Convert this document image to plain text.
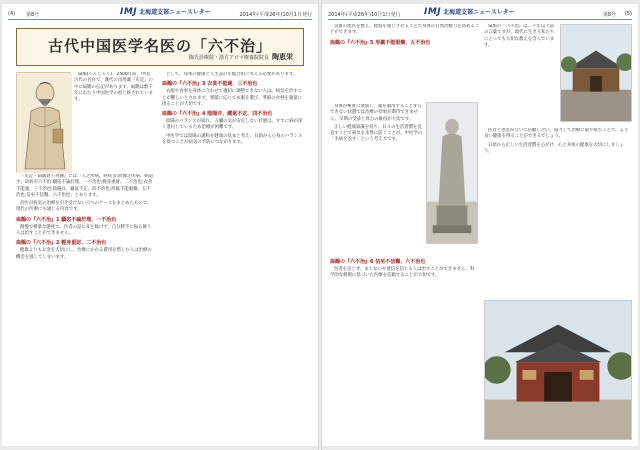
(4) 第8号	IMJ 北海道支部ニュースレター	2014年(平成26年)10月1日発行
古代中国医学名医の「六不治」
陶氏診療院・漢方アロマ療養院院長 陶恵栄

扁鵲(へんじゃく)、2500年前、中国古代の名医で、漢代の司馬遷『史記』の中に扁鵲の伝記があります。扁鵲は数千年にわたり中国医学の祖と称されています。

『史記・扁鵲倉公列傳』には「人之所病、病疾多;而醫之所病、病道少。故病有六不治:驕恣不論於理、一不治也;輕身重財、二不治也;衣食不能適、三不治也;陰陽并、藏氣不定、四不治也;形羸不能服藥、五不治也;信巫不信醫、六不治也」とあります。

名医が病気の治療を引き受けない六つのケースをまとめたもので、現代の医療にも通じる内容です。

扁鵲の『六不治』1 驕恣不論於理、一不治也

傲慢で横暴な態度で、医者の話に耳を傾けず、自分勝手に振る舞う人は治すことができません。

扁鵲の『六不治』2 輕身重財、二不治也

健康よりもお金を大切にし、治療にかかる費用を惜しむ人は治療の機会を逃してしまいます。

として、身体の健康と人生設計を総合的に考える必要があります。

扁鵲の『六不治』3 衣食不能適、三不治也

衣服や食事を身体に合わせて適切に調整できない人は、病気を治すことが難しいとされます。寒暖に応じて衣服を選び、季節の食材を適量に摂ることが大切です。

扁鵲の『六不治』4 陰陽并、藏氣不定、四不治也

陰陽のバランスが崩れ、五臓の気が安定しない状態は、すでに病が深く進行しているため治療が困難です。

中医学では陰陽の調和を健康の基本と考え、日頃から心身のバランスを保つことが病気の予防につながります。

2014年(平成26年)10月1日発行	IMJ 北海道支部ニュースレター	第8号 (5)

気血の流れを整え、経絡を通じさせることで身体の自然治癒力を高めることができます。

扁鵲の『六不治』5 形羸不能服藥、五不治也

身体が極度に衰弱し、薬を服用することすらできない状態では治療の効果が期待できません。早期の受診と体力の維持が大切です。

正しい健康知識を持ち、日々の生活習慣を見直すことで病気を未然に防ぐことが、中医学の「未病を治す」という考え方です。

扁鵲の『六不治』6 信巫不信醫、六不治也

医者を信じず、まじないや迷信を信じる人は治すことができません。科学的な根拠に基づいた医療を信頼することが大切です。

扁鵲の『六不治』は二千年以上前の言葉ですが、現代に生きる私たちにとっても大切な教えを含んでいます。

医者と患者が互いに信頼し合い、協力して治療に取り組むことで、より良い健康を得ることができるでしょう。

日頃から正しい生活習慣を心がけ、心と身体の健康を大切にしましょう。
